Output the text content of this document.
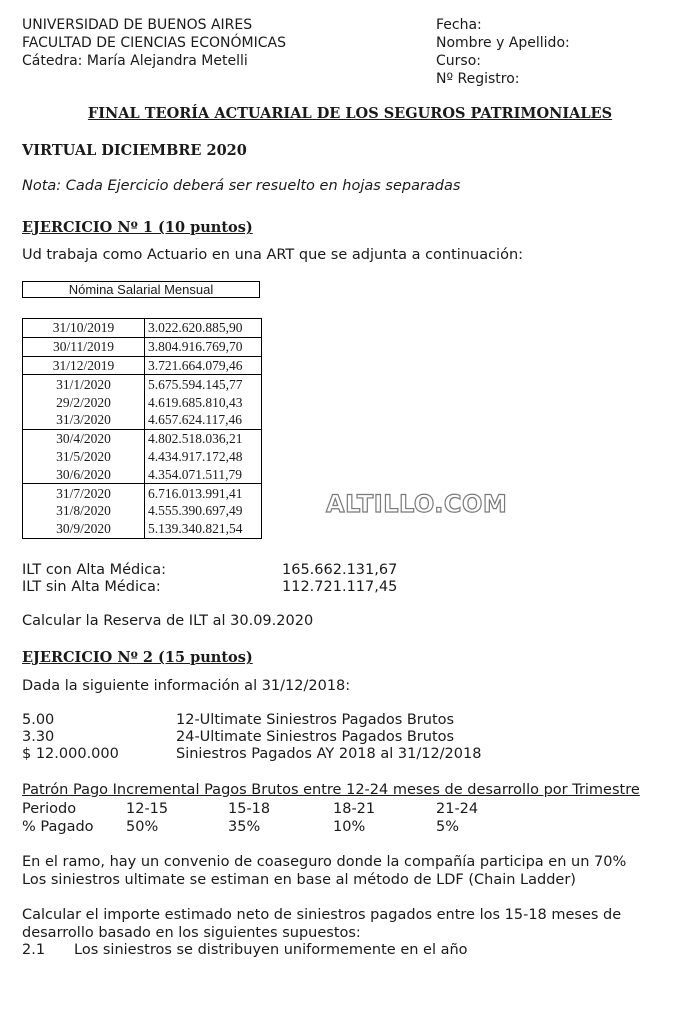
UNIVERSIDAD DE BUENOS AIRES
FACULTAD DE CIENCIAS ECONÓMICAS
Cátedra: María Alejandra Metelli
Fecha:
Nombre y Apellido:
Curso:
Nº Registro:
FINAL TEORÍA ACTUARIAL DE LOS SEGUROS PATRIMONIALES
VIRTUAL DICIEMBRE 2020
Nota: Cada Ejercicio deberá ser resuelto en hojas separadas
EJERCICIO Nº 1 (10 puntos)
Ud trabaja como Actuario en una ART que se adjunta a continuación:
Nómina Salarial Mensual
31/10/2019	3.022.620.885,90
30/11/2019	3.804.916.769,70
31/12/2019	3.721.664.079,46
31/1/2020	5.675.594.145,77
29/2/2020	4.619.685.810,43
31/3/2020	4.657.624.117,46
30/4/2020	4.802.518.036,21
31/5/2020	4.434.917.172,48
30/6/2020	4.354.071.511,79
31/7/2020	6.716.013.991,41
31/8/2020	4.555.390.697,49
30/9/2020	5.139.340.821,54
ALTILLO.COM
ILT con Alta Médica:	165.662.131,67
ILT sin Alta Médica:	112.721.117,45
Calcular la Reserva de ILT al 30.09.2020
EJERCICIO Nº 2 (15 puntos)
Dada la siguiente información al 31/12/2018:
5.00	12-Ultimate Siniestros Pagados Brutos
3.30	24-Ultimate Siniestros Pagados Brutos
$ 12.000.000	Siniestros Pagados AY 2018 al 31/12/2018
Patrón Pago Incremental Pagos Brutos entre 12-24 meses de desarrollo por Trimestre
Periodo	12-15	15-18	18-21	21-24
% Pagado 50%	35%	10%	5%
En el ramo, hay un convenio de coaseguro donde la compañía participa en un 70%
Los siniestros ultimate se estiman en base al método de LDF (Chain Ladder)
Calcular el importe estimado neto de siniestros pagados entre los 15-18 meses de
desarrollo basado en los siguientes supuestos:
2.1 Los siniestros se distribuyen uniformemente en el año
